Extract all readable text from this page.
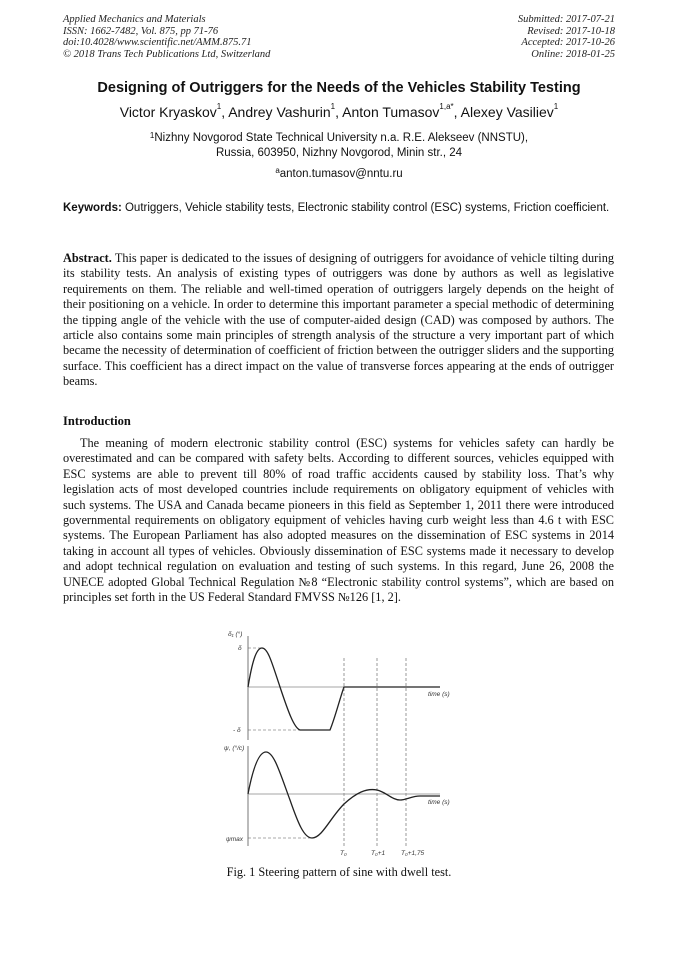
Applied Mechanics and Materials
ISSN: 1662-7482, Vol. 875, pp 71-76
doi:10.4028/www.scientific.net/AMM.875.71
© 2018 Trans Tech Publications Ltd, Switzerland
Submitted: 2017-07-21
Revised: 2017-10-18
Accepted: 2017-10-26
Online: 2018-01-25
Designing of Outriggers for the Needs of the Vehicles Stability Testing
Victor Kryaskov$^1$, Andrey Vashurin$^1$, Anton Tumasov$^{1,a*}$, Alexey Vasiliev$^1$
$^1$Nizhny Novgorod State Technical University n.a. R.E. Alekseev (NNSTU),
Russia, 603950, Nizhny Novgorod, Minin str., 24
$^a$anton.tumasov@nntu.ru
Keywords: Outriggers, Vehicle stability tests, Electronic stability control (ESC) systems, Friction coefficient.
Abstract. This paper is dedicated to the issues of designing of outriggers for avoidance of vehicle tilting during its stability tests. An analysis of existing types of outriggers was done by authors as well as legislative requirements on them. The reliable and well-timed operation of outriggers largely depends on the height of their positioning on a vehicle. In order to determine this important parameter a special methodic of determining the tipping angle of the vehicle with the use of computer-aided design (CAD) was composed by authors. The article also contains some main principles of strength analysis of the structure a very important part of which became the necessity of determination of coefficient of friction between the outrigger sliders and the supporting surface. This coefficient has a direct impact on the value of transverse forces appearing at the ends of outrigger beams.
Introduction
The meaning of modern electronic stability control (ESC) systems for vehicles safety can hardly be overestimated and can be compared with safety belts. According to different sources, vehicles equipped with ESC systems are able to prevent till 80% of road traffic accidents caused by stability loss. That’s why legislation acts of most developed countries include requirements on obligatory equipment of vehicles with such systems. The USA and Canada became pioneers in this field as September 1, 2011 there were introduced governmental requirements on obligatory equipment of vehicles having curb weight less than 4.6 t with ESC systems. The European Parliament has also adopted measures on the dissemination of ESC systems in 2014 taking in account all types of vehicles. Obviously dissemination of ESC systems made it necessary to develop and adopt technical regulation on evaluation and testing of such systems. In this regard, June 26, 2008 the UNECE adopted Global Technical Regulation №8 “Electronic stability control systems”, which are based on principles set forth in the US Federal Standard FMVSS №126 [1, 2].
δ₁ (°)
δ
- δ
time (s)
ψ, (°/c)
ψmax
time (s)
T₀	T₀+1 T₀+1,75
Fig. 1 Steering pattern of sine with dwell test.
